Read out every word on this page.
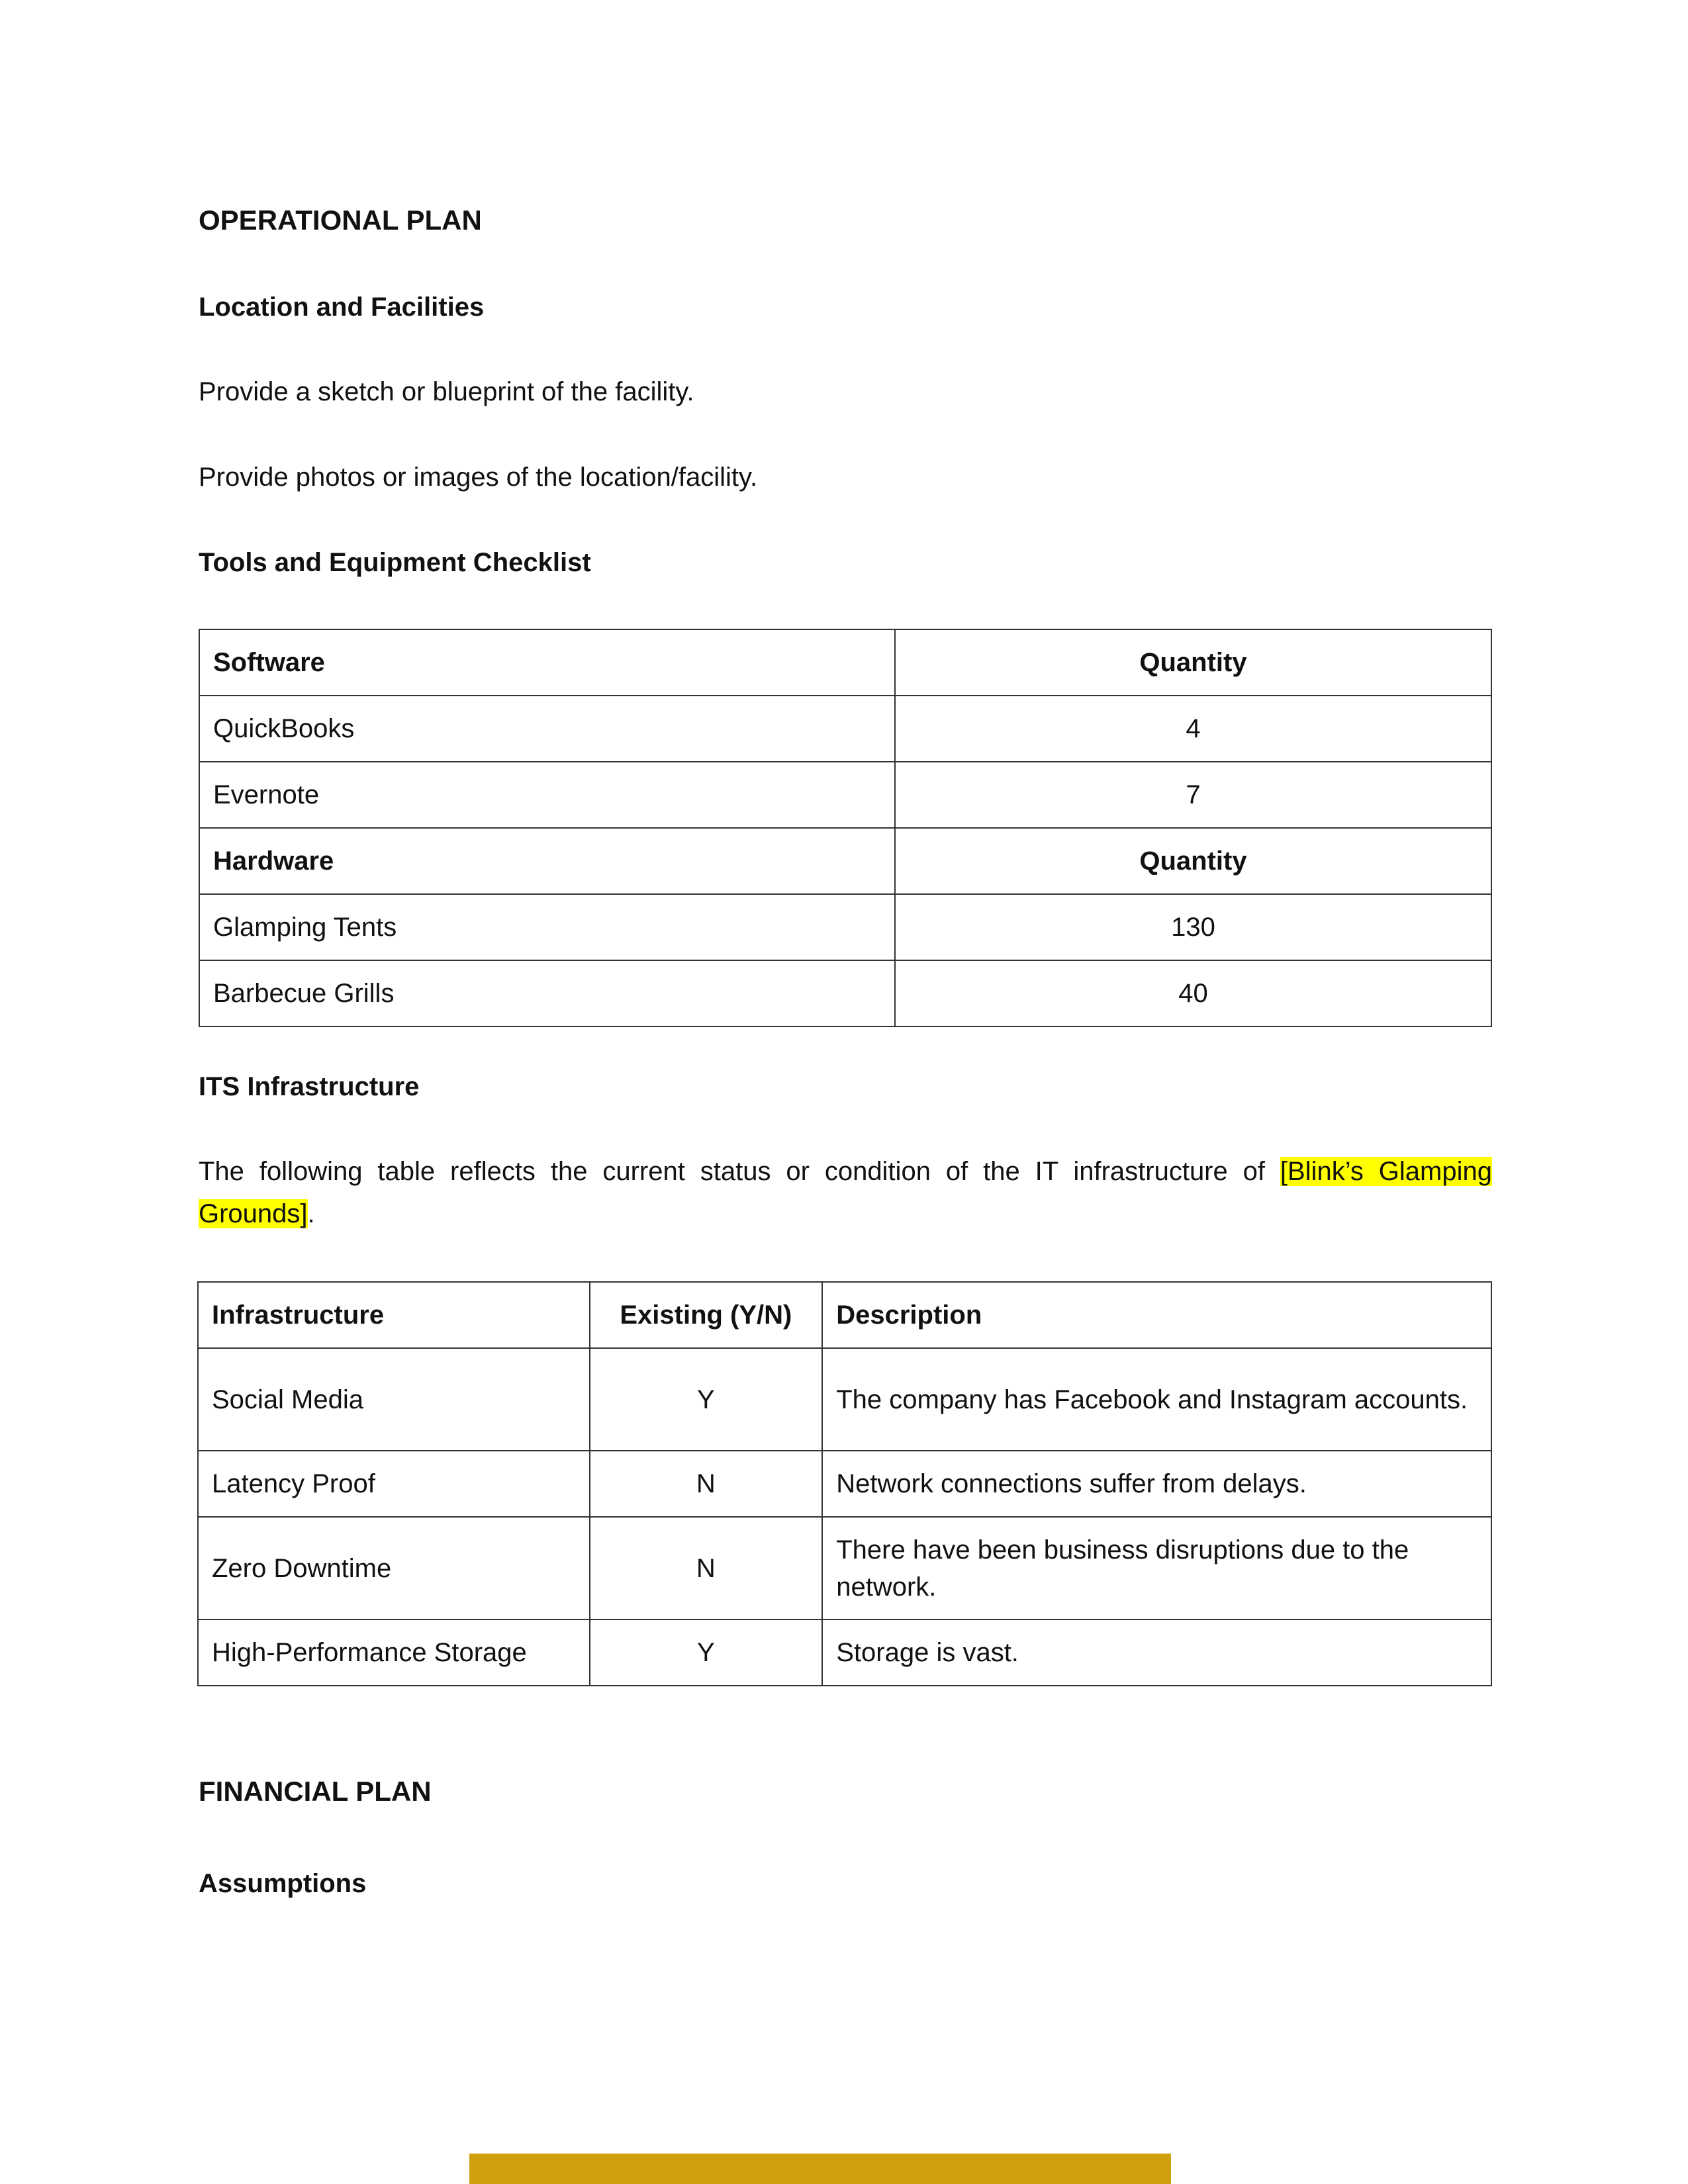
OPERATIONAL PLAN
Location and Facilities
Provide a sketch or blueprint of the facility.
Provide photos or images of the location/facility.
Tools and Equipment Checklist
Software	Quantity
QuickBooks	4
Evernote	7
Hardware	Quantity
Glamping Tents	130
Barbecue Grills	40
ITS Infrastructure

The following table reflects the current status or condition of the IT infrastructure of [Blink’s Glamping Grounds].

Infrastructure	Existing (Y/N)	Description
Social Media	Y	The company has Facebook and Instagram accounts.
Latency Proof	N	Network connections suffer from delays.
Zero Downtime	N	There have been business disruptions due to the network.
High-Performance Storage	Y	Storage is vast.
FINANCIAL PLAN
Assumptions
